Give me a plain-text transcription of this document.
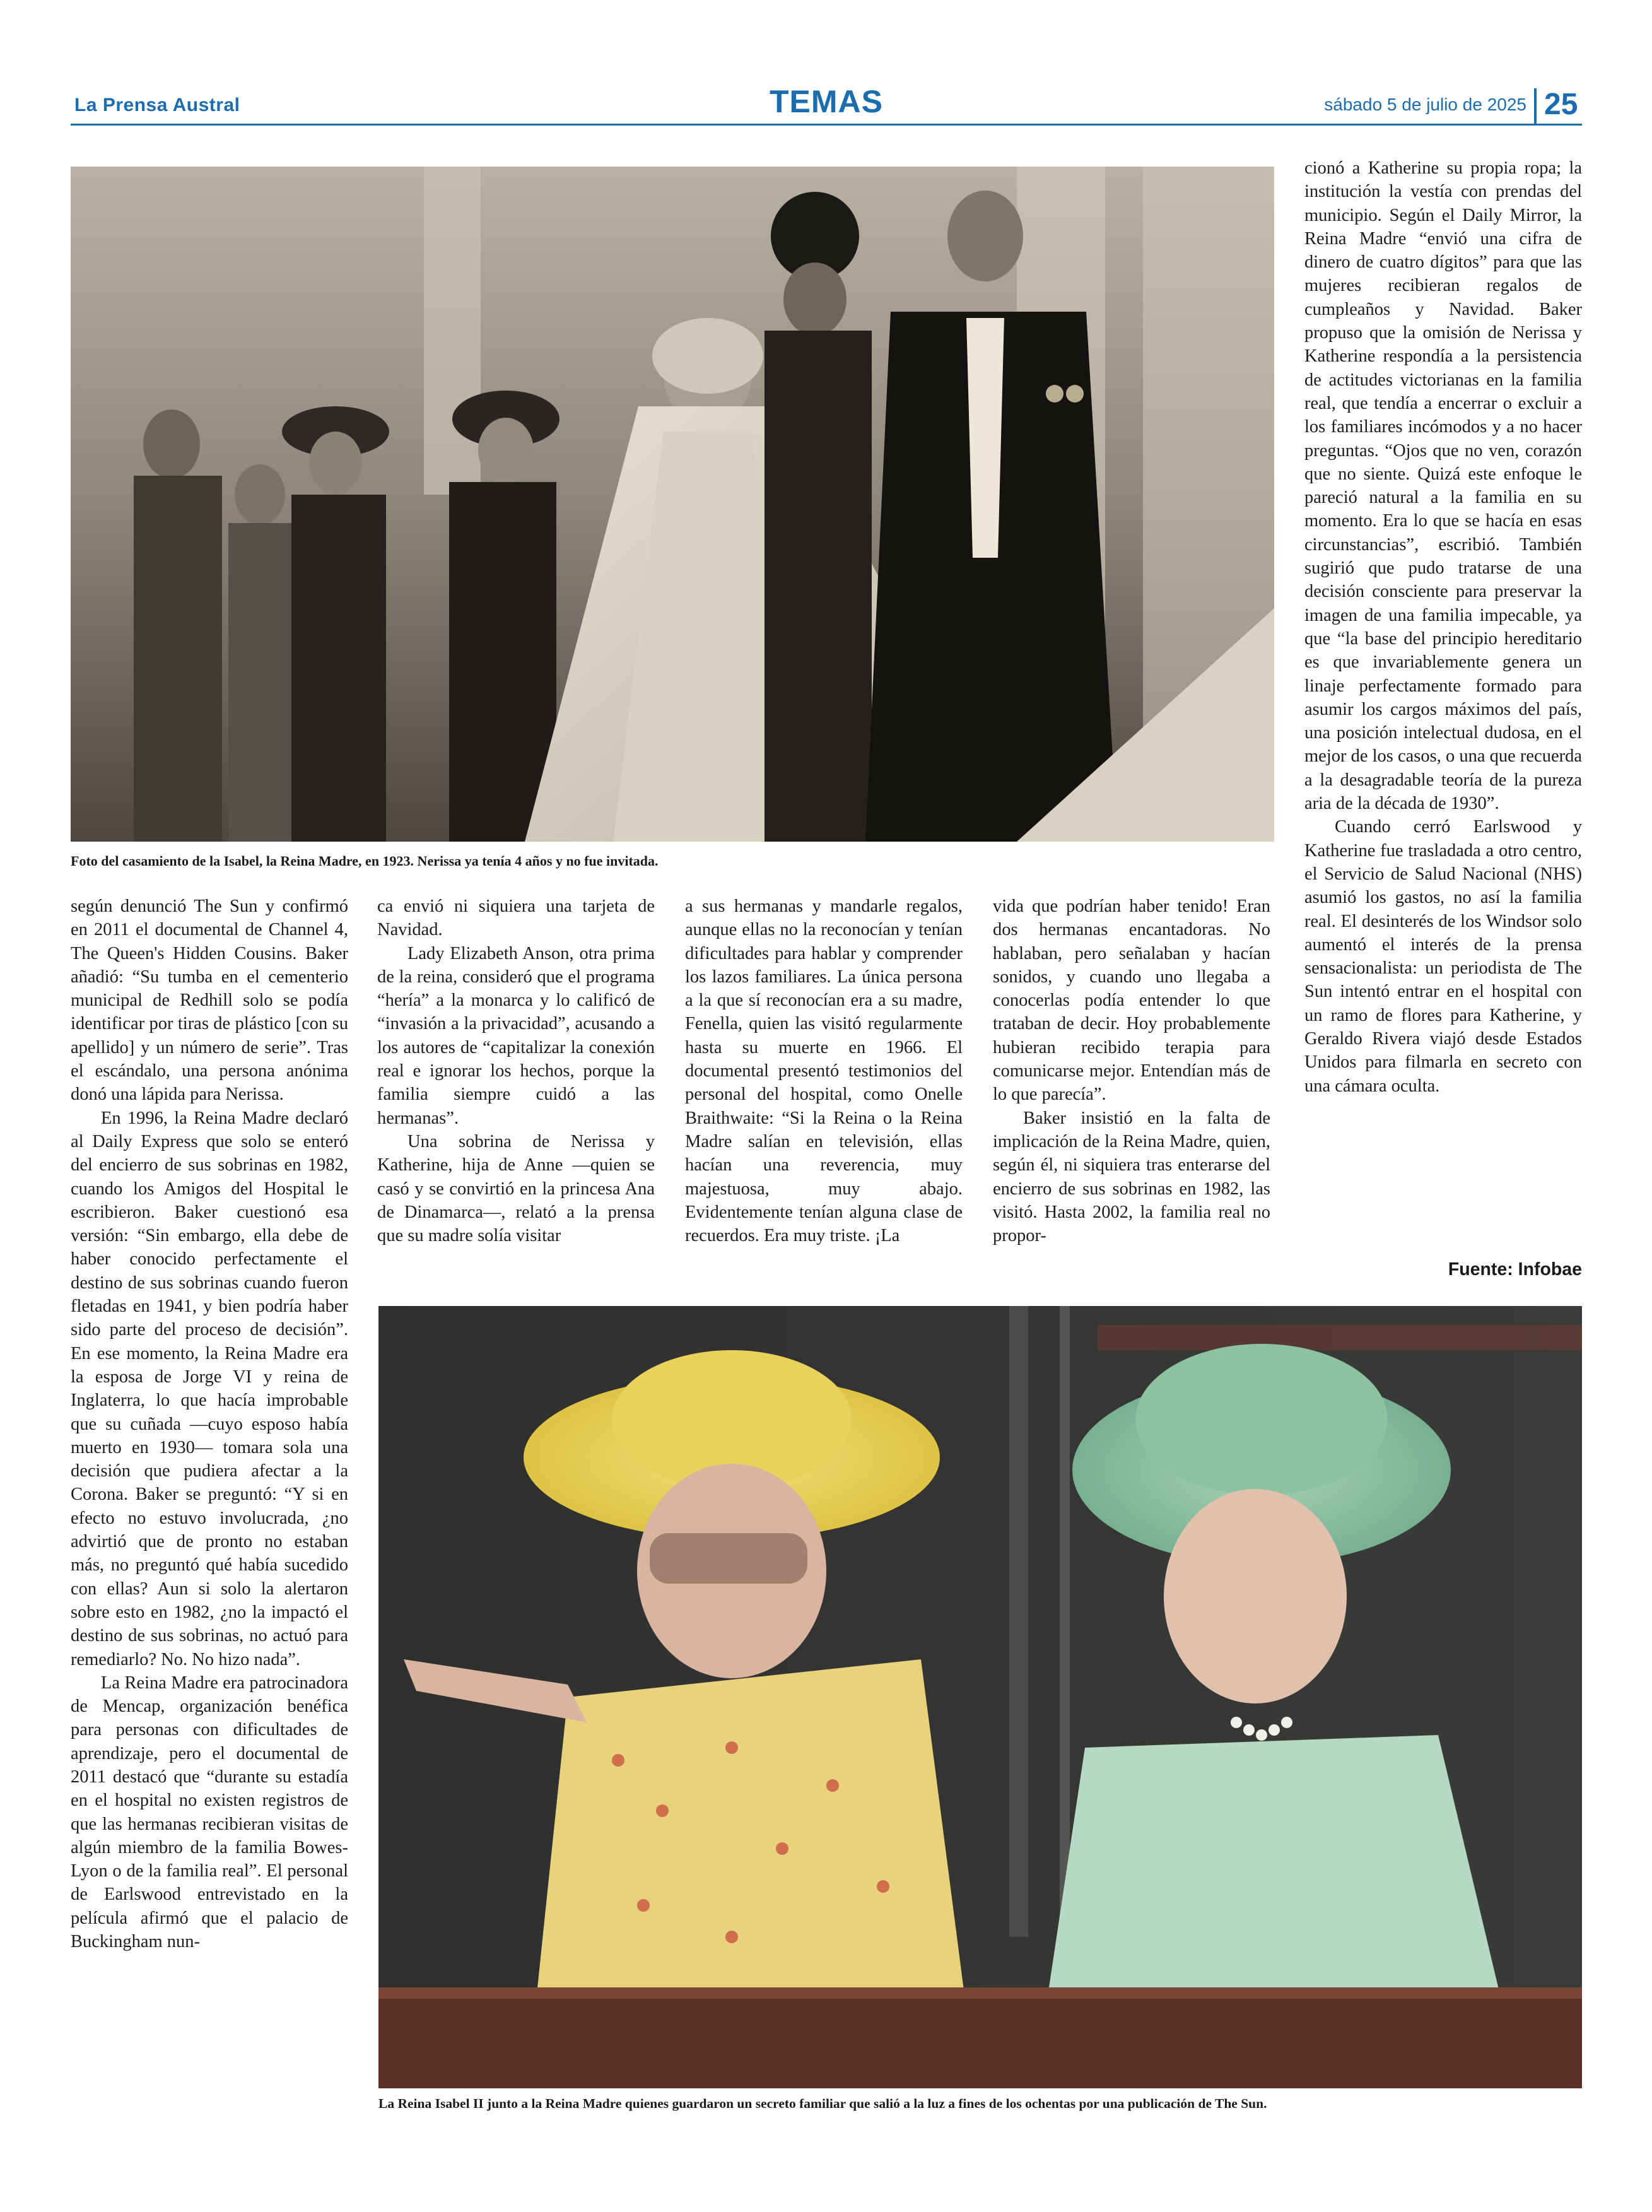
La Prensa Austral	TEMAS	sábado 5 de julio de 2025 25
Foto del casamiento de la Isabel, la Reina Madre, en 1923. Nerissa ya tenía 4 años y no fue invitada.

según denunció The Sun y confirmó en 2011 el documental de Channel 4, The Queen's Hidden Cousins. Baker añadió: “Su tumba en el cementerio municipal de Redhill solo se podía identificar por tiras de plástico [con su apellido] y un número de serie”. Tras el escándalo, una persona anónima donó una lápida para Nerissa.

En 1996, la Reina Madre declaró al Daily Express que solo se enteró del encierro de sus sobrinas en 1982, cuando los Amigos del Hospital le escribieron. Baker cuestionó esa versión: “Sin embargo, ella debe de haber conocido perfectamente el destino de sus sobrinas cuando fueron fletadas en 1941, y bien podría haber sido parte del proceso de decisión”. En ese momento, la Reina Madre era la esposa de Jorge VI y reina de Inglaterra, lo que hacía improbable que su cuñada —cuyo esposo había muerto en 1930— tomara sola una decisión que pudiera afectar a la Corona. Baker se preguntó: “Y si en efecto no estuvo involucrada, ¿no advirtió que de pronto no estaban más, no preguntó qué había sucedido con ellas? Aun si solo la alertaron sobre esto en 1982, ¿no la impactó el destino de sus sobrinas, no actuó para remediarlo? No. No hizo nada”.

La Reina Madre era patrocinadora de Mencap, organización benéfica para personas con dificultades de aprendizaje, pero el documental de 2011 destacó que “durante su estadía en el hospital no existen registros de que las hermanas recibieran visitas de algún miembro de la familia Bowes-Lyon o de la familia real”. El personal de Earlswood entrevistado en la película afirmó que el palacio de Buckingham nun-

ca envió ni siquiera una tarjeta de Navidad.

Lady Elizabeth Anson, otra prima de la reina, consideró que el programa “hería” a la monarca y lo calificó de “invasión a la privacidad”, acusando a los autores de “capitalizar la conexión real e ignorar los hechos, porque la familia siempre cuidó a las hermanas”.

Una sobrina de Nerissa y Katherine, hija de Anne —quien se casó y se convirtió en la princesa Ana de Dinamarca—, relató a la prensa que su madre solía visitar

a sus hermanas y mandarle regalos, aunque ellas no la reconocían y tenían dificultades para hablar y comprender los lazos familiares. La única persona a la que sí reconocían era a su madre, Fenella, quien las visitó regularmente hasta su muerte en 1966. El documental presentó testimonios del personal del hospital, como Onelle Braithwaite: “Si la Reina o la Reina Madre salían en televisión, ellas hacían una reverencia, muy majestuosa, muy abajo. Evidentemente tenían alguna clase de recuerdos. Era muy triste. ¡La

vida que podrían haber tenido! Eran dos hermanas encantadoras. No hablaban, pero señalaban y hacían sonidos, y cuando uno llegaba a conocerlas podía entender lo que trataban de decir. Hoy probablemente hubieran recibido terapia para comunicarse mejor. Entendían más de lo que parecía”.

Baker insistió en la falta de implicación de la Reina Madre, quien, según él, ni siquiera tras enterarse del encierro de sus sobrinas en 1982, las visitó. Hasta 2002, la familia real no propor-

cionó a Katherine su propia ropa; la institución la vestía con prendas del municipio. Según el Daily Mirror, la Reina Madre “envió una cifra de dinero de cuatro dígitos” para que las mujeres recibieran regalos de cumpleaños y Navidad. Baker propuso que la omisión de Nerissa y Katherine respondía a la persistencia de actitudes victorianas en la familia real, que tendía a encerrar o excluir a los familiares incómodos y a no hacer preguntas. “Ojos que no ven, corazón que no siente. Quizá este enfoque le pareció natural a la familia en su momento. Era lo que se hacía en esas circunstancias”, escribió. También sugirió que pudo tratarse de una decisión consciente para preservar la imagen de una familia impecable, ya que “la base del principio hereditario es que invariablemente genera un linaje perfectamente formado para asumir los cargos máximos del país, una posición intelectual dudosa, en el mejor de los casos, o una que recuerda a la desagradable teoría de la pureza aria de la década de 1930”.

Cuando cerró Earlswood y Katherine fue trasladada a otro centro, el Servicio de Salud Nacional (NHS) asumió los gastos, no así la familia real. El desinterés de los Windsor solo aumentó el interés de la prensa sensacionalista: un periodista de The Sun intentó entrar en el hospital con un ramo de flores para Katherine, y Geraldo Rivera viajó desde Estados Unidos para filmarla en secreto con una cámara oculta.

Fuente: Infobae
La Reina Isabel II junto a la Reina Madre quienes guardaron un secreto familiar que salió a la luz a fines de los ochentas por una publicación de The Sun.
